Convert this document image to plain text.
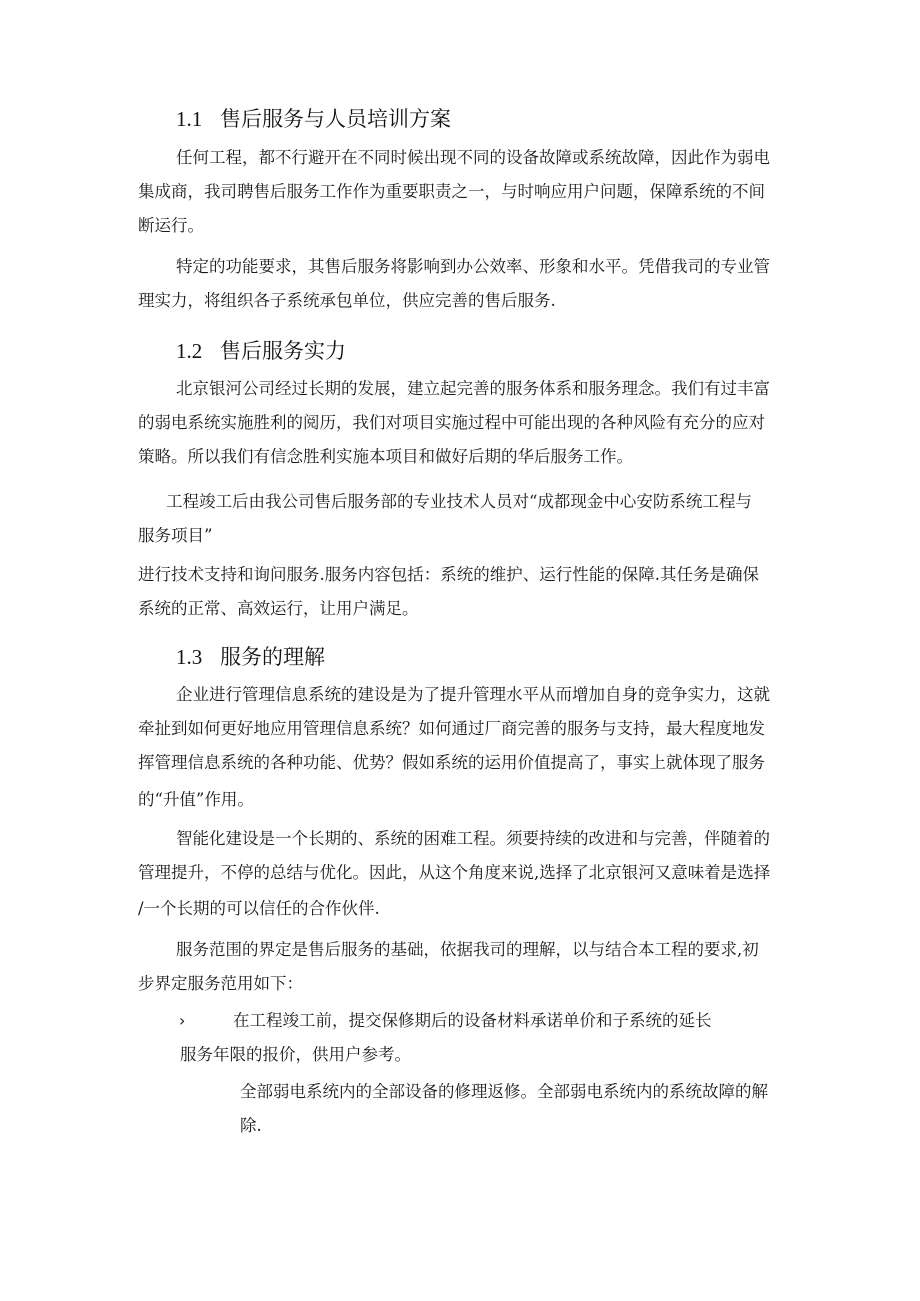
1.1 售后服务与人员培训方案
任何工程，都不行避开在不同时候出现不同的设备故障或系统故障，因此作为弱电
集成商，我司聘售后服务工作作为重要职责之一，与时响应用户问题，保障系统的不间
断运行。
特定的功能要求，其售后服务将影响到办公效率、形象和水平。凭借我司的专业管
理实力，将组织各子系统承包单位，供应完善的售后服务.
1.2 售后服务实力
北京银河公司经过长期的发展，建立起完善的服务体系和服务理念。我们有过丰富
的弱电系统实施胜利的阅历，我们对项目实施过程中可能出现的各种风险有充分的应对
策略。所以我们有信念胜利实施本项目和做好后期的华后服务工作。
工程竣工后由我公司售后服务部的专业技术人员对“成都现金中心安防系统工程与
服务项目”
进行技术支持和询问服务.服务内容包括：系统的维护、运行性能的保障.其任务是确保
系统的正常、高效运行，让用户满足。
1.3 服务的理解
企业进行管理信息系统的建设是为了提升管理水平从而增加自身的竞争实力，这就
牵扯到如何更好地应用管理信息系统？如何通过厂商完善的服务与支持，最大程度地发
挥管理信息系统的各种功能、优势？假如系统的运用价值提高了，事实上就体现了服务
的“升值”作用。
智能化建设是一个长期的、系统的困难工程。须要持续的改进和与完善，伴随着的
管理提升，不停的总结与优化。因此，从这个角度来说,选择了北京银河又意味着是选择
/一个长期的可以信任的合作伙伴.
服务范围的界定是售后服务的基础，依据我司的理解，以与结合本工程的要求,初
步界定服务范用如下：
›	在工程竣工前，提交保修期后的设备材料承诺单价和子系统的延长
服务年限的报价，供用户参考。
全部弱电系统内的全部设备的修理返修。全部弱电系统内的系统故障的解
除.
